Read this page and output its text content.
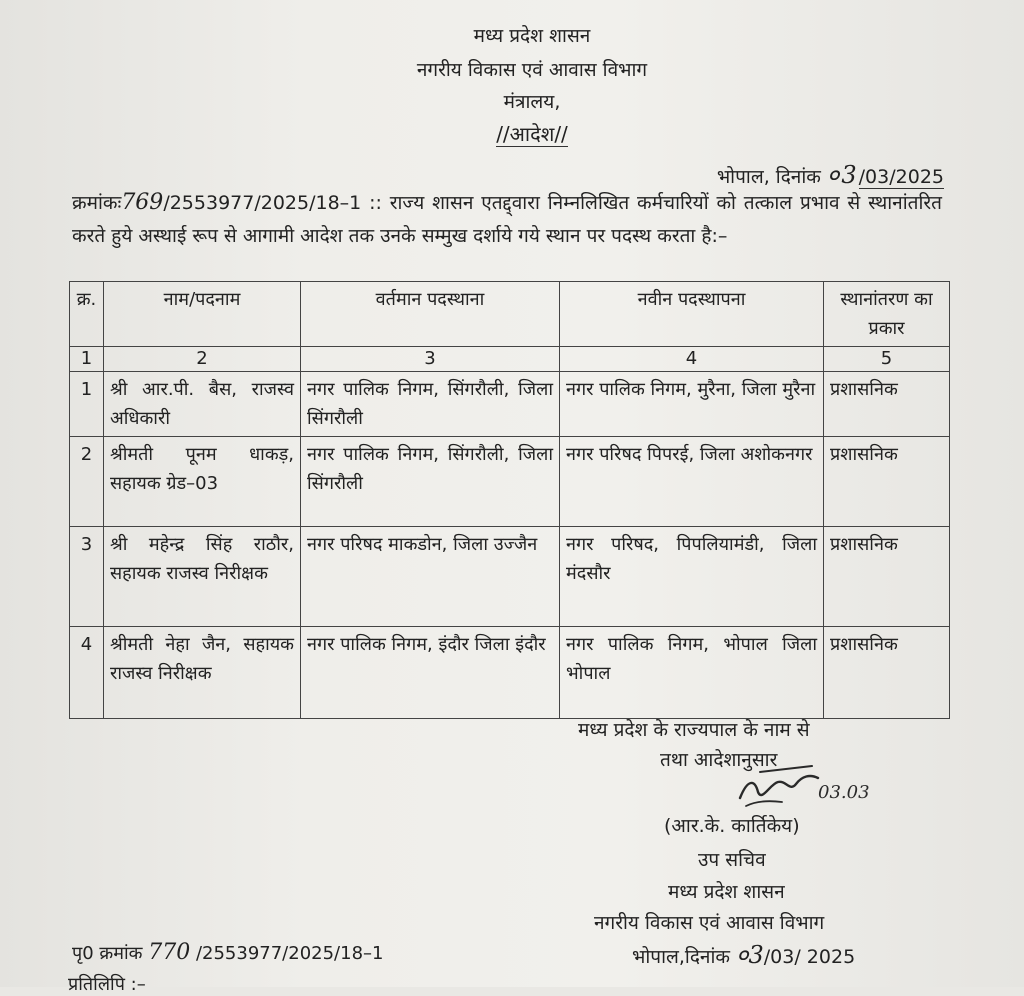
मध्य प्रदेश शासन
नगरीय विकास एवं आवास विभाग
मंत्रालय,
//आदेश//
भोपाल, दिनांक ०3/03/2025
क्रमांकः769/2553977/2025/18–1 :: राज्य शासन एतद्द्वारा निम्नलिखित कर्मचारियों को तत्काल प्रभाव से स्थानांतरित करते हुये अस्थाई रूप से आगामी आदेश तक उनके सम्मुख दर्शाये गये स्थान पर पदस्थ करता है:–
क्र.	नाम/पदनाम	वर्तमान पदस्थाना	नवीन पदस्थापना	स्थानांतरण का प्रकार
1	2	3	4	5
1	श्री आर.पी. बैस, राजस्व अधिकारी	नगर पालिक निगम, सिंगरौली, जिला सिंगरौली	नगर पालिक निगम, मुरैना, जिला मुरैना	प्रशासनिक
2	श्रीमती पूनम धाकड़, सहायक ग्रेड–03	नगर पालिक निगम, सिंगरौली, जिला सिंगरौली	नगर परिषद पिपरई, जिला अशोकनगर	प्रशासनिक
3	श्री महेन्द्र सिंह राठौर, सहायक राजस्व निरीक्षक	नगर परिषद माकडोन, जिला उज्जैन	नगर परिषद, पिपलियामंडी, जिला मंदसौर	प्रशासनिक
4	श्रीमती नेहा जैन, सहायक राजस्व निरीक्षक	नगर पालिक निगम, इंदौर जिला इंदौर	नगर पालिक निगम, भोपाल जिला भोपाल	प्रशासनिक
मध्य प्रदेश के राज्यपाल के नाम से
तथा आदेशानुसार
03.03
(आर.के. कार्तिकेय)
उप सचिव
मध्य प्रदेश शासन
नगरीय विकास एवं आवास विभाग
पृ0 क्रमांक 770 /2553977/2025/18–1	भोपाल,दिनांक ०3/03/ 2025
प्रतिलिपि :–
